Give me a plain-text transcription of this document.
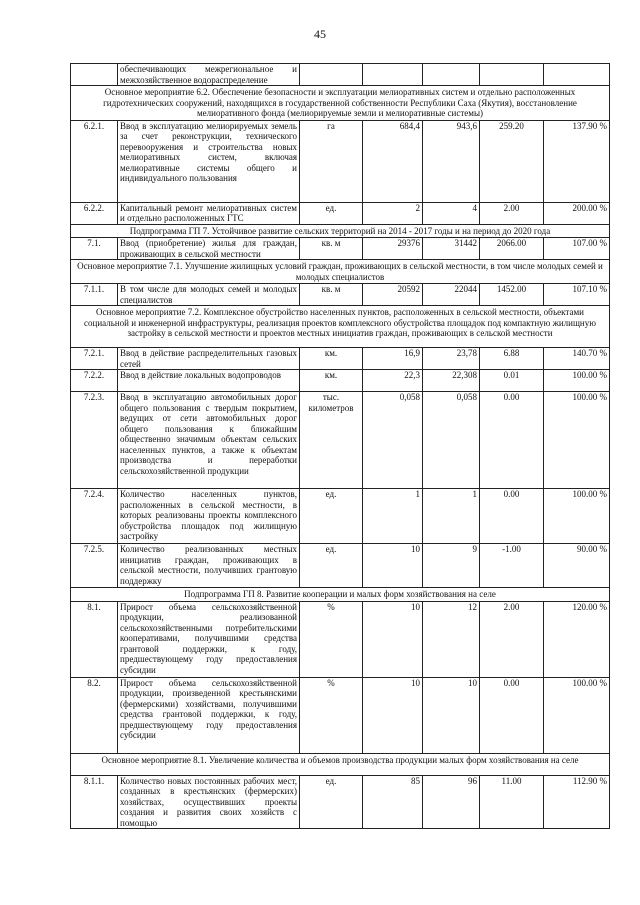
45
	обеспечивающих межрегиональное и межхозяйственное водораспределение					
Основное мероприятие 6.2. Обеспечение безопасности и эксплуатации мелиоративных систем и отдельно расположенных гидротехнических сооружений, находящихся в государственной собственности Республики Саха (Якутия), восстановление мелиоративного фонда (мелиорируемые земли и мелиоративные системы)						
6.2.1.	Ввод в эксплуатацию мелиорируемых земель за счет реконструкции, технического перевооружения и строительства новых мелиоративных систем, включая мелиоративные системы общего и индивидуального пользования	га	684,4	943,6	259.20	137.90 %
6.2.2.	Капитальный ремонт мелиоративных систем и отдельно расположенных ГТС	ед.	2	4	2.00	200.00 %
Подпрограмма ГП 7. Устойчивое развитие сельских территорий на 2014 - 2017 годы и на период до 2020 года						
7.1.	Ввод (приобретение) жилья для граждан, проживающих в сельской местности	кв. м	29376	31442	2066.00	107.00 %
Основное мероприятие 7.1. Улучшение жилищных условий граждан, проживающих в сельской местности, в том числе молодых семей и молодых специалистов						
7.1.1.	В том числе для молодых семей и молодых специалистов	кв. м	20592	22044	1452.00	107.10 %
Основное мероприятие 7.2. Комплексное обустройство населенных пунктов, расположенных в сельской местности, объектами социальной и инженерной инфраструктуры, реализация проектов комплексного обустройства площадок под компактную жилищную застройку в сельской местности и проектов местных инициатив граждан, проживающих в сельской местности						
7.2.1.	Ввод в действие распределительных газовых сетей	км.	16,9	23,78	6.88	140.70 %
7.2.2.	Ввод в действие локальных водопроводов	км.	22,3	22,308	0.01	100.00 %
7.2.3.	Ввод в эксплуатацию автомобильных дорог общего пользования с твердым покрытием, ведущих от сети автомобильных дорог общего пользования к ближайшим общественно значимым объектам сельских населенных пунктов, а также к объектам производства и переработки сельскохозяйственной продукции	тыс. километров	0,058	0,058	0.00	100.00 %
7.2.4.	Количество населенных пунктов, расположенных в сельской местности, в которых реализованы проекты комплексного обустройства площадок под жилищную застройку	ед.	1	1	0.00	100.00 %
7.2.5.	Количество реализованных местных инициатив граждан, проживающих в сельской местности, получивших грантовую поддержку	ед.	10	9	-1.00	90.00 %
Подпрограмма ГП 8. Развитие кооперации и малых форм хозяйствования на селе						
8.1.	Прирост объема сельскохозяйственной продукции, реализованной сельскохозяйственными потребительскими кооперативами, получившими средства грантовой поддержки, к году, предшествующему году предоставления субсидии	%	10	12	2.00	120.00 %
8.2.	Прирост объема сельскохозяйственной продукции, произведенной крестьянскими (фермерскими) хозяйствами, получившими средства грантовой поддержки, к году, предшествующему году предоставления субсидии	%	10	10	0.00	100.00 %
Основное мероприятие 8.1. Увеличение количества и объемов производства продукции малых форм хозяйствования на селе						
8.1.1.	Количество новых постоянных рабочих мест, созданных в крестьянских (фермерских) хозяйствах, осуществивших проекты создания и развития своих хозяйств с помощью	ед.	85	96	11.00	112.90 %
